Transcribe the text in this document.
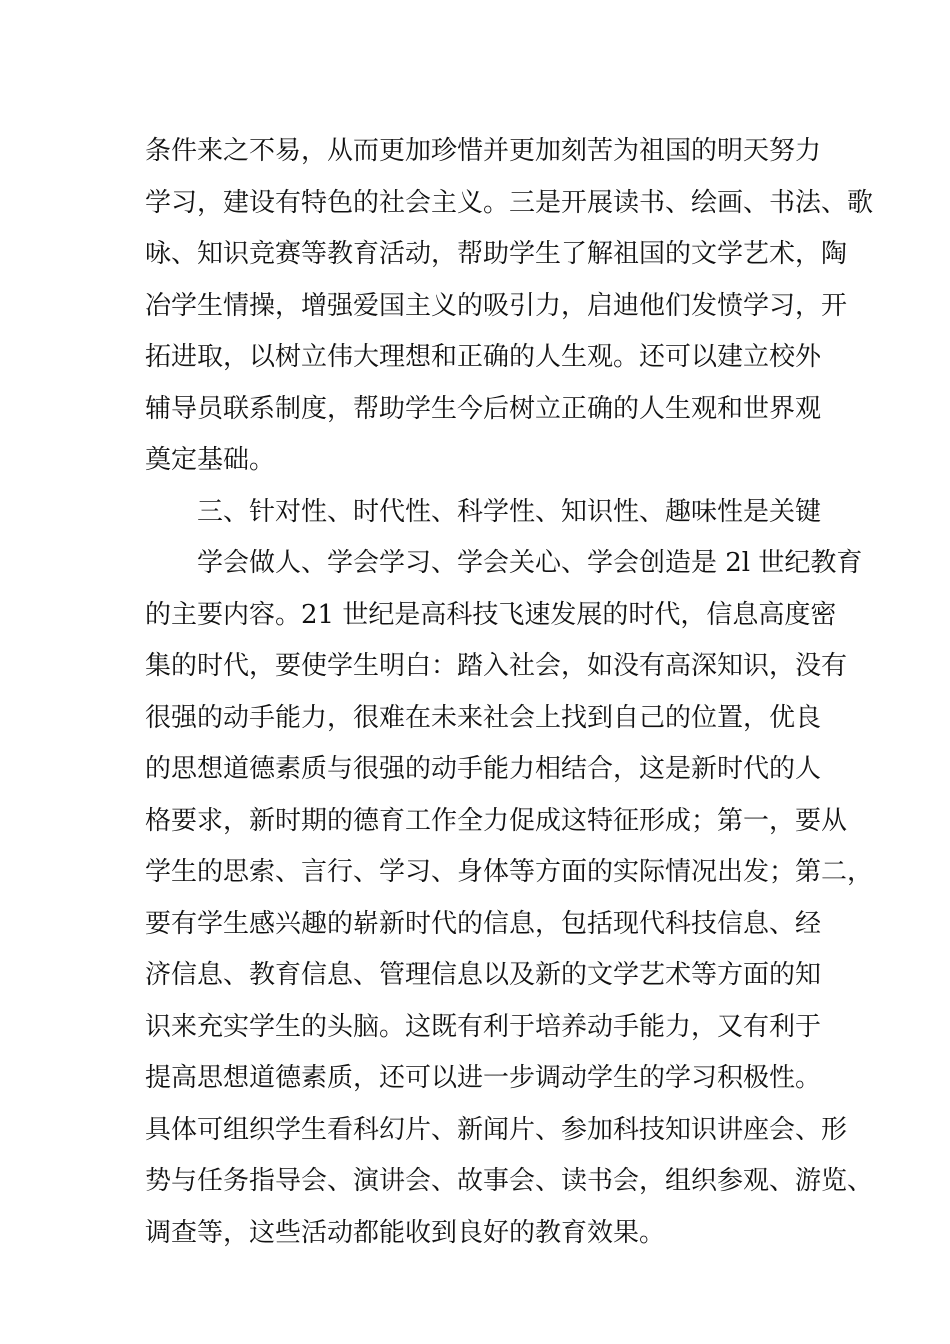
条件来之不易，从而更加珍惜并更加刻苦为祖国的明天努力
学习，建设有特色的社会主义。三是开展读书、绘画、书法、歌
咏、知识竞赛等教育活动，帮助学生了解祖国的文学艺术，陶
冶学生情操，增强爱国主义的吸引力，启迪他们发愤学习，开
拓进取，以树立伟大理想和正确的人生观。还可以建立校外
辅导员联系制度，帮助学生今后树立正确的人生观和世界观
奠定基础。
三、针对性、时代性、科学性、知识性、趣味性是关键
学会做人、学会学习、学会关心、学会创造是 2l 世纪教育
的主要内容。21 世纪是高科技飞速发展的时代，信息高度密
集的时代，要使学生明白：踏入社会，如没有高深知识，没有
很强的动手能力，很难在未来社会上找到自己的位置，优良
的思想道德素质与很强的动手能力相结合，这是新时代的人
格要求，新时期的德育工作全力促成这特征形成；第一，要从
学生的思索、言行、学习、身体等方面的实际情况出发；第二，
要有学生感兴趣的崭新时代的信息，包括现代科技信息、经
济信息、教育信息、管理信息以及新的文学艺术等方面的知
识来充实学生的头脑。这既有利于培养动手能力，又有利于
提高思想道德素质，还可以进一步调动学生的学习积极性。
具体可组织学生看科幻片、新闻片、参加科技知识讲座会、形
势与任务指导会、演讲会、故事会、读书会，组织参观、游览、
调查等，这些活动都能收到良好的教育效果。
